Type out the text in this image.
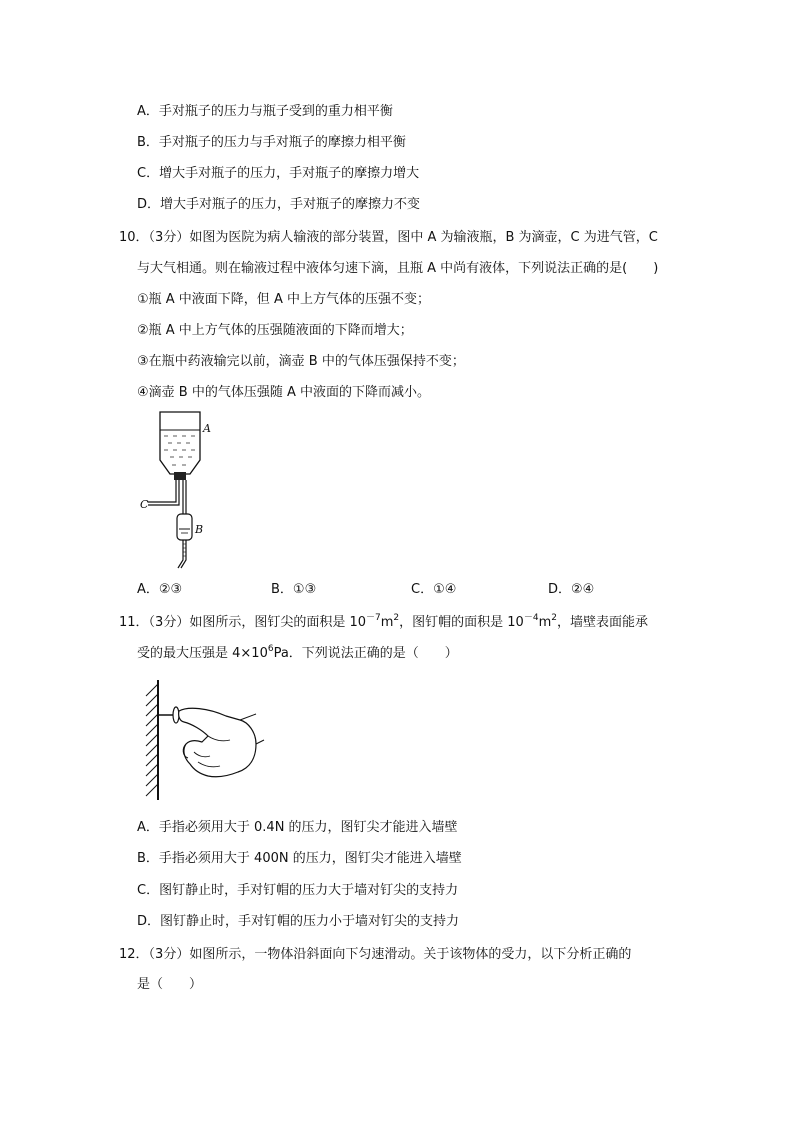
A．手对瓶子的压力与瓶子受到的重力相平衡
B．手对瓶子的压力与手对瓶子的摩擦力相平衡
C．增大手对瓶子的压力，手对瓶子的摩擦力增大
D．增大手对瓶子的压力，手对瓶子的摩擦力不变
10．（3分）如图为医院为病人输液的部分装置，图中 A 为输液瓶，B 为滴壶，C 为进气管，C
与大气相通。则在输液过程中液体匀速下滴，且瓶 A 中尚有液体，下列说法正确的是(　　)
①瓶 A 中液面下降，但 A 中上方气体的压强不变；
②瓶 A 中上方气体的压强随液面的下降而增大；
③在瓶中药液输完以前，滴壶 B 中的气体压强保持不变；
④滴壶 B 中的气体压强随 A 中液面的下降而减小。
A
C
B
A．②③	B．①③	C．①④	D．②④
11．（3分）如图所示，图钉尖的面积是 $10^{-7}m^2$，图钉帽的面积是 $10^{-4}m^2$，墙壁表面能承
受的最大压强是 $4\times 10^6Pa$．下列说法正确的是（　　）
A．手指必须用大于 0.4N 的压力，图钉尖才能进入墙壁
B．手指必须用大于 400N 的压力，图钉尖才能进入墙壁
C．图钉静止时，手对钉帽的压力大于墙对钉尖的支持力
D．图钉静止时，手对钉帽的压力小于墙对钉尖的支持力
12．（3分）如图所示，一物体沿斜面向下匀速滑动。关于该物体的受力，以下分析正确的
是（　　）
